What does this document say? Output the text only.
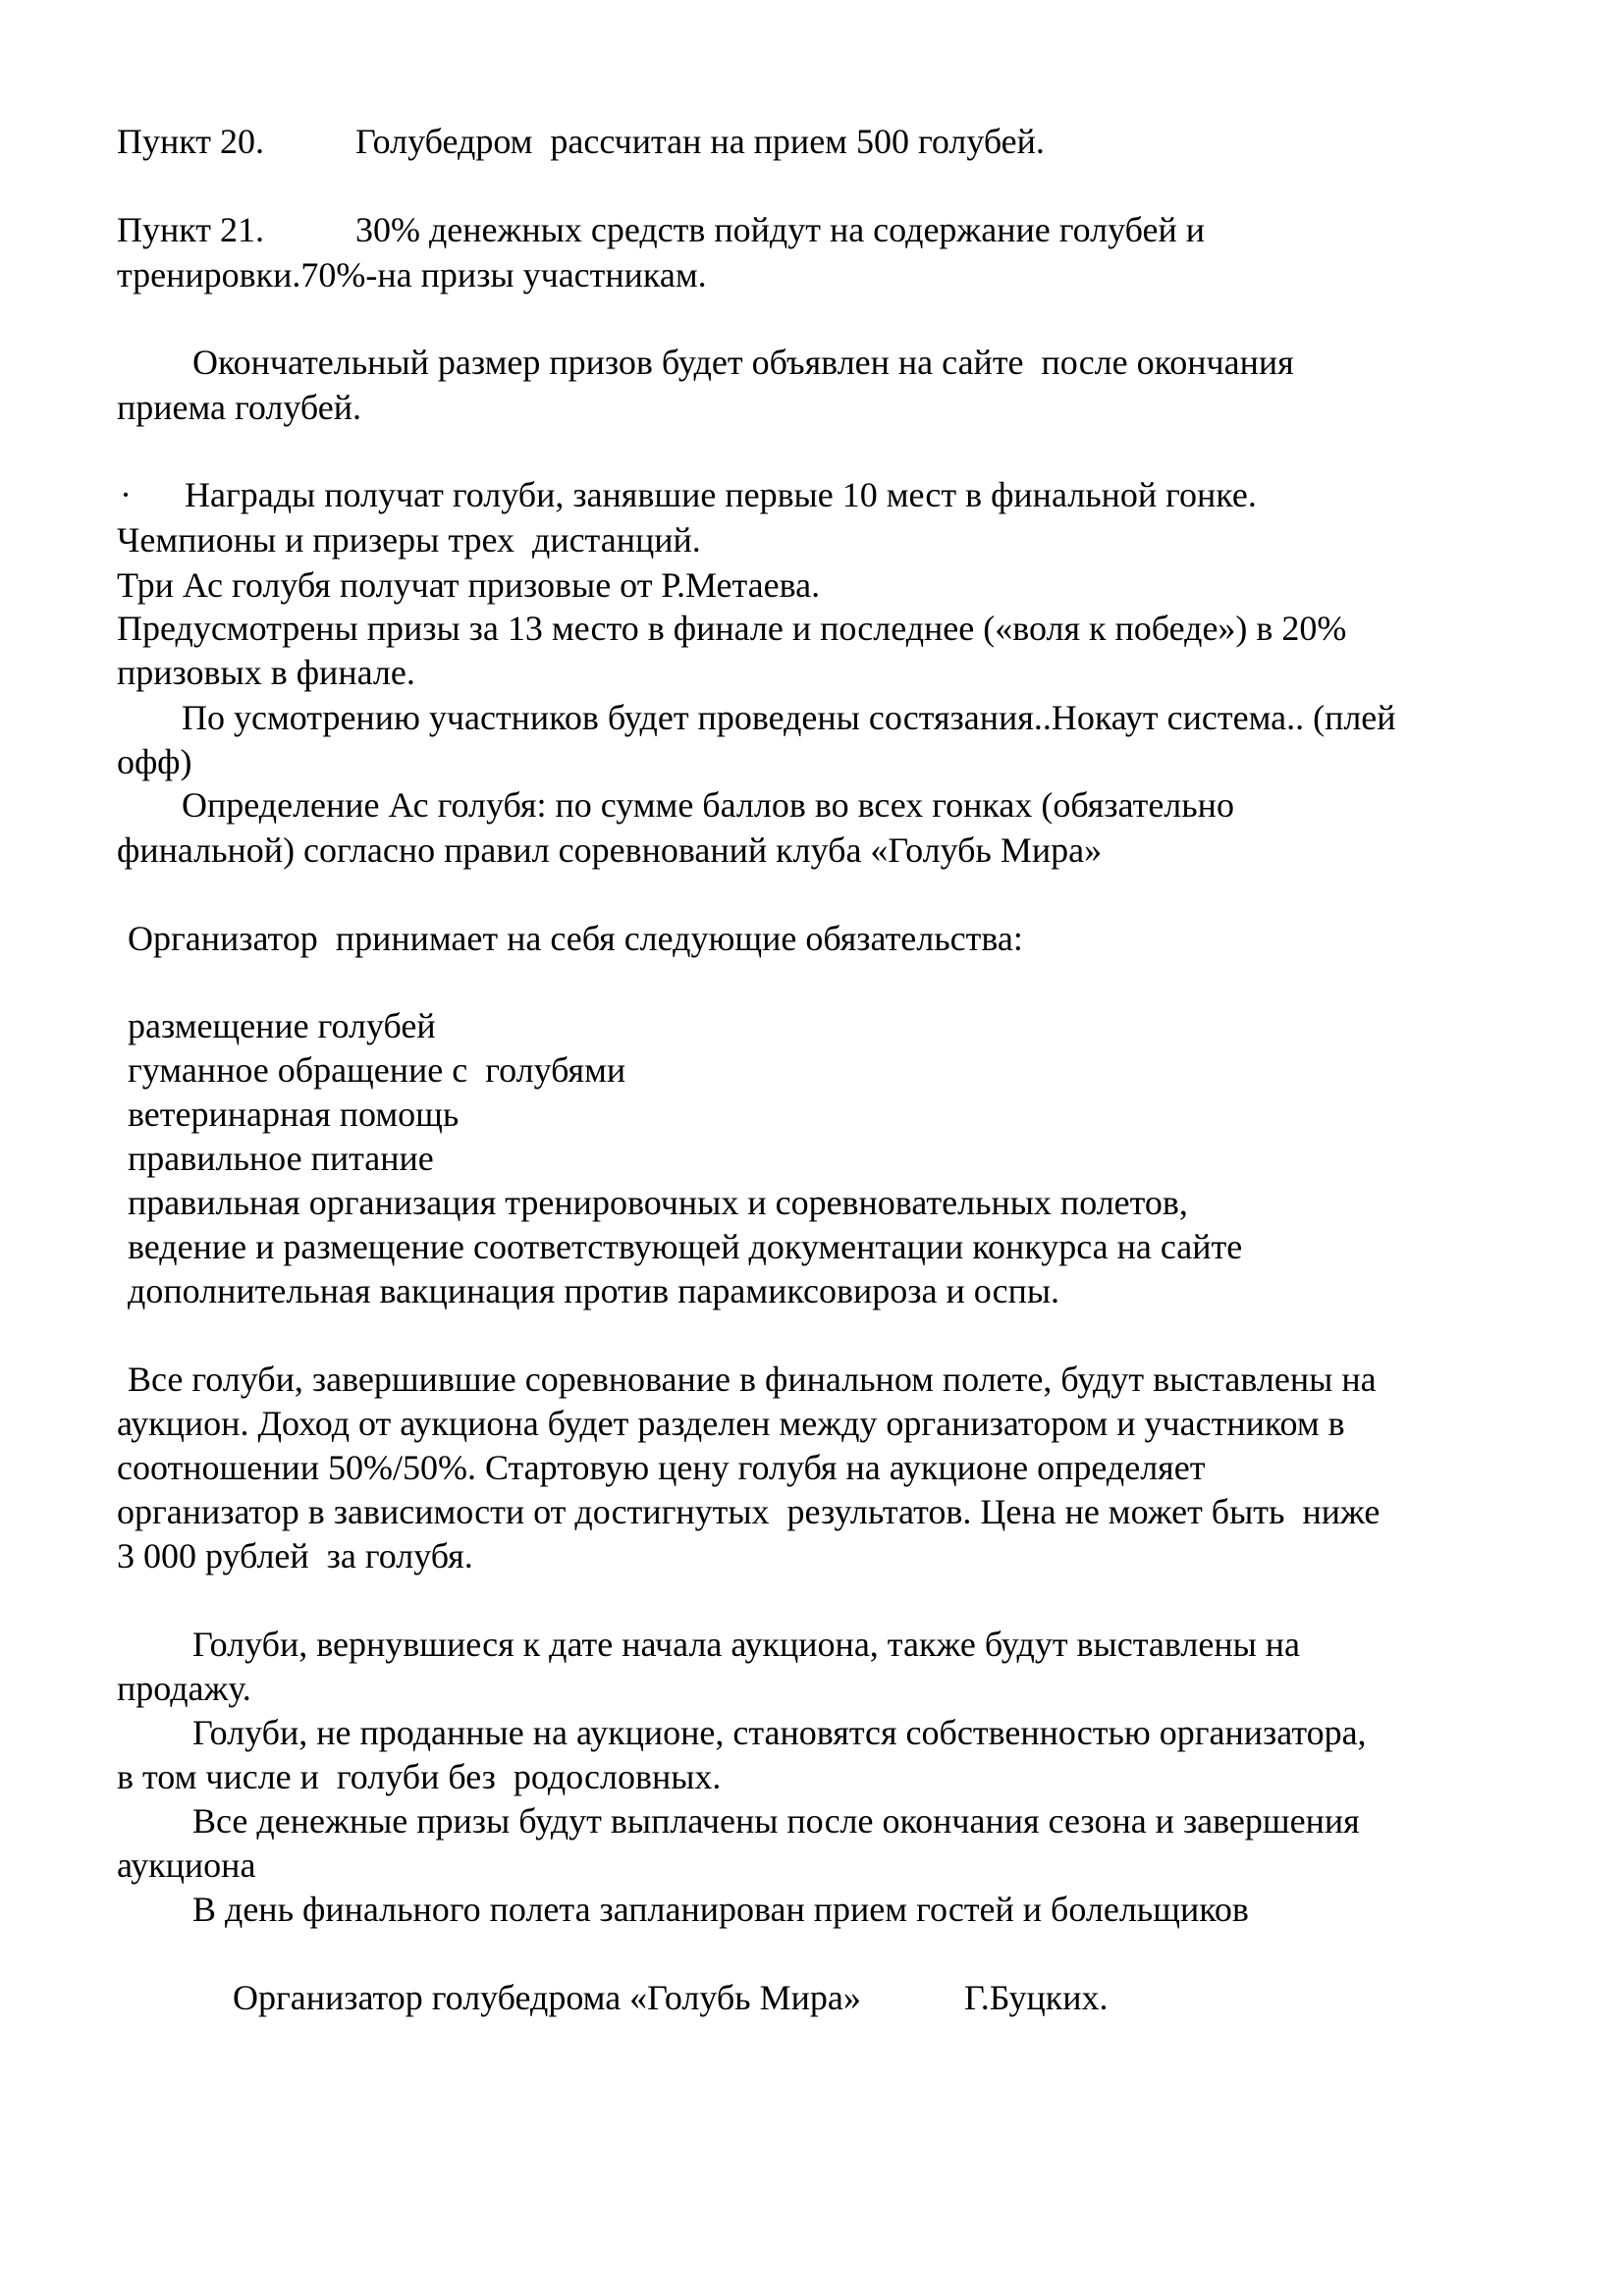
Пункт 20.	Голубедром  рассчитан на прием 500 голубей.
Пункт 21.	30% денежных средств пойдут на содержание голубей и
тренировки.70%-на призы участникам.
Окончательный размер призов будет объявлен на сайте  после окончания
приема голубей.
· Награды получат голуби, занявшие первые 10 мест в финальной гонке.
Чемпионы и призеры трех  дистанций.
Три Ас голубя получат призовые от Р.Метаева.
Предусмотрены призы за 13 место в финале и последнее («воля к победе») в 20%
призовых в финале.
По усмотрению участников будет проведены состязания..Нокаут система.. (плей
офф)
Определение Ас голубя: по сумме баллов во всех гонках (обязательно
финальной) согласно правил соревнований клуба «Голубь Мира»
Организатор  принимает на себя следующие обязательства:
размещение голубей
гуманное обращение с  голубями
ветеринарная помощь
правильное питание
правильная организация тренировочных и соревновательных полетов,
ведение и размещение соответствующей документации конкурса на сайте
дополнительная вакцинация против парамиксовироза и оспы.
Все голуби, завершившие соревнование в финальном полете, будут выставлены на
аукцион. Доход от аукциона будет разделен между организатором и участником в
соотношении 50%/50%. Стартовую цену голубя на аукционе определяет
организатор в зависимости от достигнутых  результатов. Цена не может быть  ниже
3 000 рублей  за голубя.
Голуби, вернувшиеся к дате начала аукциона, также будут выставлены на
продажу.
Голуби, не проданные на аукционе, становятся собственностью организатора,
в том числе и  голуби без  родословных.
Все денежные призы будут выплачены после окончания сезона и завершения
аукциона
В день финального полета запланирован прием гостей и болельщиков
Организатор голубедрома «Голубь Мира»	Г.Буцких.
